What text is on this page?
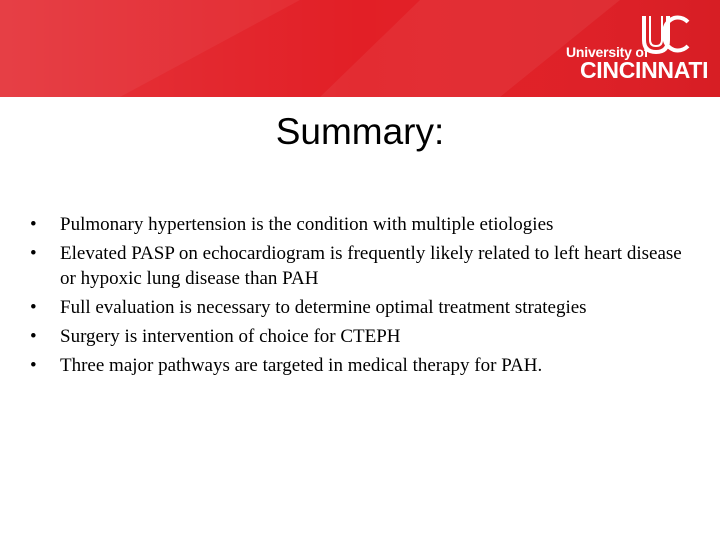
University of
CINCINNATI
Summary:
• Pulmonary hypertension is the condition with multiple etiologies
• Elevated PASP on echocardiogram is frequently likely related to left heart disease or hypoxic lung disease than PAH
• Full evaluation is necessary to determine optimal treatment strategies
• Surgery is intervention of choice for CTEPH
• Three major pathways are targeted in medical therapy for PAH.
